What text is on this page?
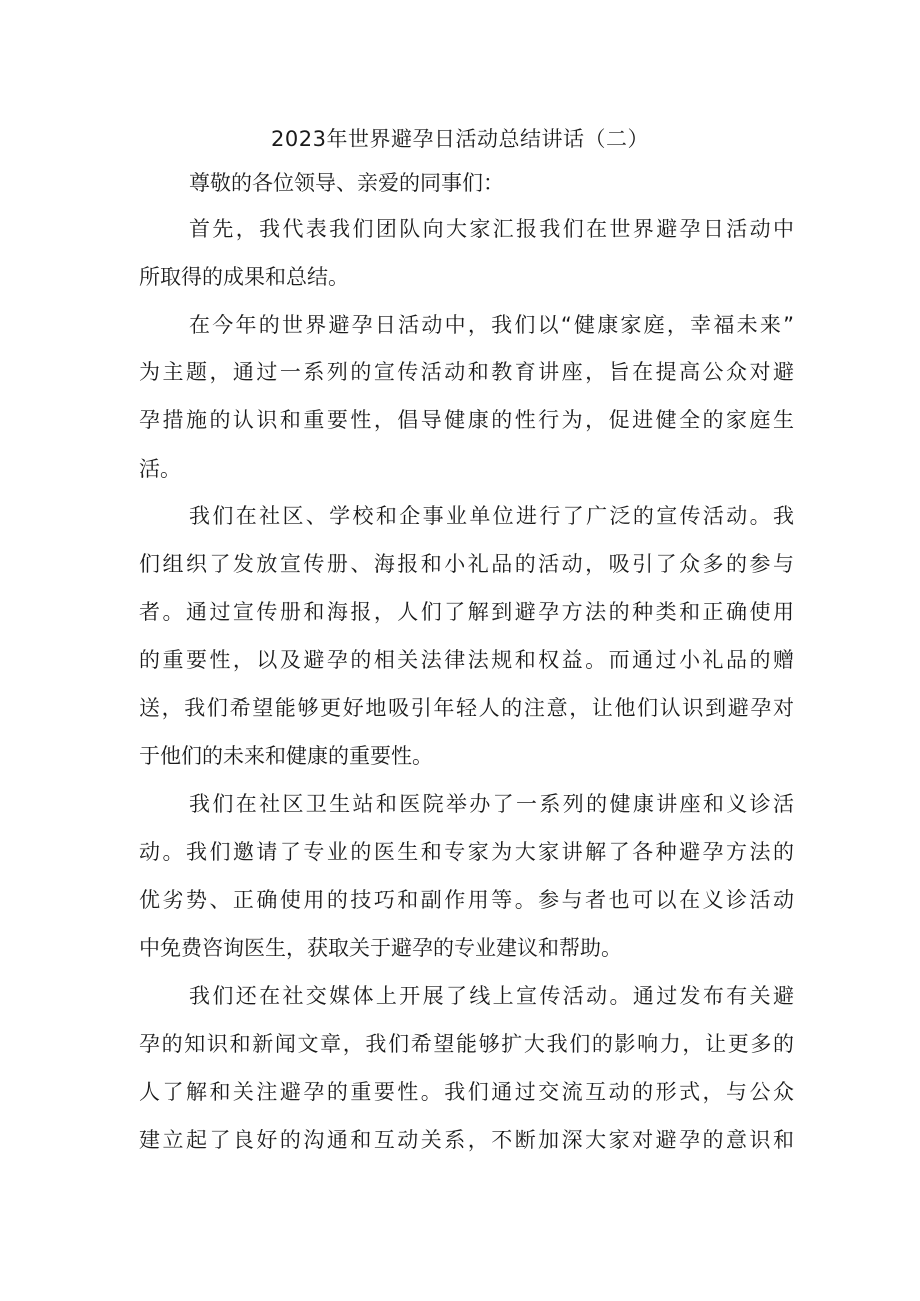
2023年世界避孕日活动总结讲话（二）

尊敬的各位领导、亲爱的同事们：

首先，我代表我们团队向大家汇报我们在世界避孕日活动中

所取得的成果和总结。

在今年的世界避孕日活动中，我们以“健康家庭，幸福未来”

为主题，通过一系列的宣传活动和教育讲座，旨在提高公众对避

孕措施的认识和重要性，倡导健康的性行为，促进健全的家庭生

活。

我们在社区、学校和企事业单位进行了广泛的宣传活动。我

们组织了发放宣传册、海报和小礼品的活动，吸引了众多的参与

者。通过宣传册和海报，人们了解到避孕方法的种类和正确使用

的重要性，以及避孕的相关法律法规和权益。而通过小礼品的赠

送，我们希望能够更好地吸引年轻人的注意，让他们认识到避孕对

于他们的未来和健康的重要性。

我们在社区卫生站和医院举办了一系列的健康讲座和义诊活

动。我们邀请了专业的医生和专家为大家讲解了各种避孕方法的

优劣势、正确使用的技巧和副作用等。参与者也可以在义诊活动

中免费咨询医生，获取关于避孕的专业建议和帮助。

我们还在社交媒体上开展了线上宣传活动。通过发布有关避

孕的知识和新闻文章，我们希望能够扩大我们的影响力，让更多的

人了解和关注避孕的重要性。我们通过交流互动的形式，与公众

建立起了良好的沟通和互动关系，不断加深大家对避孕的意识和
